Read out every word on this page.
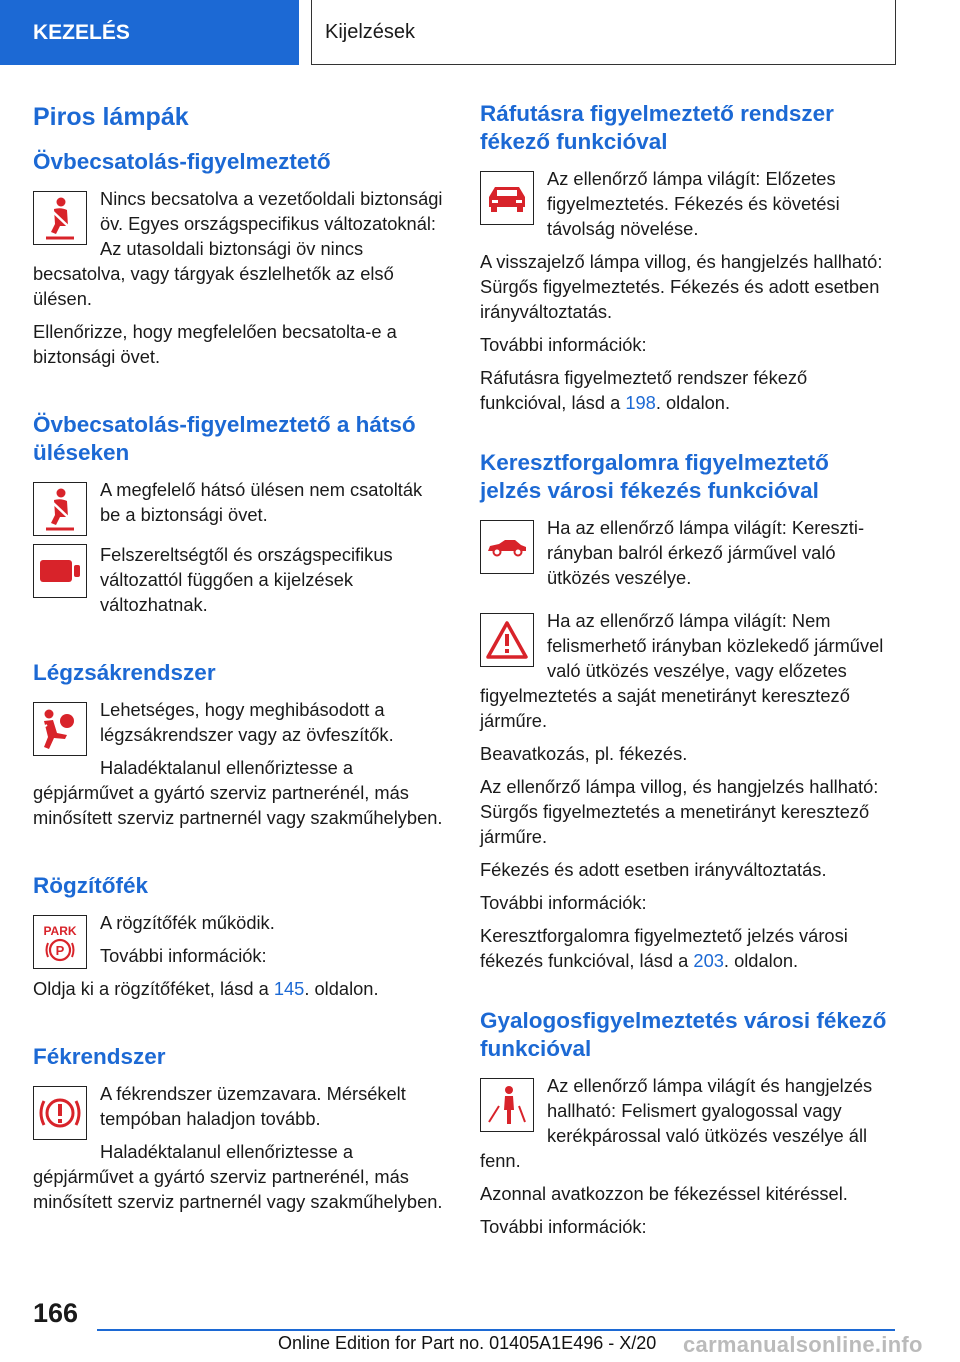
KEZELÉS	Kijelzések
Piros lámpák
Övbecsatolás-figyelmeztető

Nincs becsatolva a vezetőoldali biztonsági öv. Egyes országspecifikus változatoknál: Az utasoldali biztonsági öv nincs becsatolva, vagy tárgyak észlelhetők az első ülésen.

Ellenőrizze, hogy megfelelően becsatolta-e a biztonsági övet.

Övbecsatolás-figyelmeztető a hátsó üléseken

A megfelelő hátsó ülésen nem csatolták be a biztonsági övet.

Felszereltségtől és országspecifikus változattól függően a kijelzések változhatnak.

Légzsákrendszer

Lehetséges, hogy meghibásodott a légzsákrendszer vagy az övfeszítők.

Haladéktalanul ellenőriztesse a gépjárművet a gyártó szerviz partnerénél, más minősített szerviz partnernél vagy szakműhelyben.

Rögzítőfék
PARK
P

A rögzítőfék működik.

További információk:

Oldja ki a rögzítőféket, lásd a 145. oldalon.

Fékrendszer

A fékrendszer üzemzavara. Mérsékelt tempóban haladjon tovább.

Haladéktalanul ellenőriztesse a gépjárművet a gyártó szerviz partnerénél, más minősített szerviz partnernél vagy szakműhelyben.

Ráfutásra figyelmeztető rendszer fékező funkcióval

Az ellenőrző lámpa világít: Előzetes figyelmeztetés. Fékezés és követési távolság növelése.

A visszajelző lámpa villog, és hangjelzés hallható: Sürgős figyelmeztetés. Fékezés és adott esetben irányváltoztatás.

További információk:

Ráfutásra figyelmeztető rendszer fékező funkcióval, lásd a 198. oldalon.

Keresztforgalomra figyelmeztető jelzés városi fékezés funkcióval

Ha az ellenőrző lámpa világít: Keresztirányban balról érkező járművel való ütközés veszélye.

Ha az ellenőrző lámpa világít: Nem felismerhető irányban közlekedő járművel való ütközés veszélye, vagy előzetes figyelmeztetés a saját menetirányt keresztező járműre.

Beavatkozás, pl. fékezés.

Az ellenőrző lámpa villog, és hangjelzés hallható: Sürgős figyelmeztetés a menetirányt keresztező járműre.

Fékezés és adott esetben irányváltoztatás.

További információk:

Keresztforgalomra figyelmeztető jelzés városi fékezés funkcióval, lásd a 203. oldalon.

Gyalogosfigyelmeztetés városi fékező funkcióval

Az ellenőrző lámpa világít és hangjelzés hallható: Felismert gyalogossal vagy kerékpárossal való ütközés veszélye áll fenn.

Azonnal avatkozzon be fékezéssel kitéréssel.

További információk:

166
Online Edition for Part no. 01405A1E496 - X/20 carmanualsonline.info
